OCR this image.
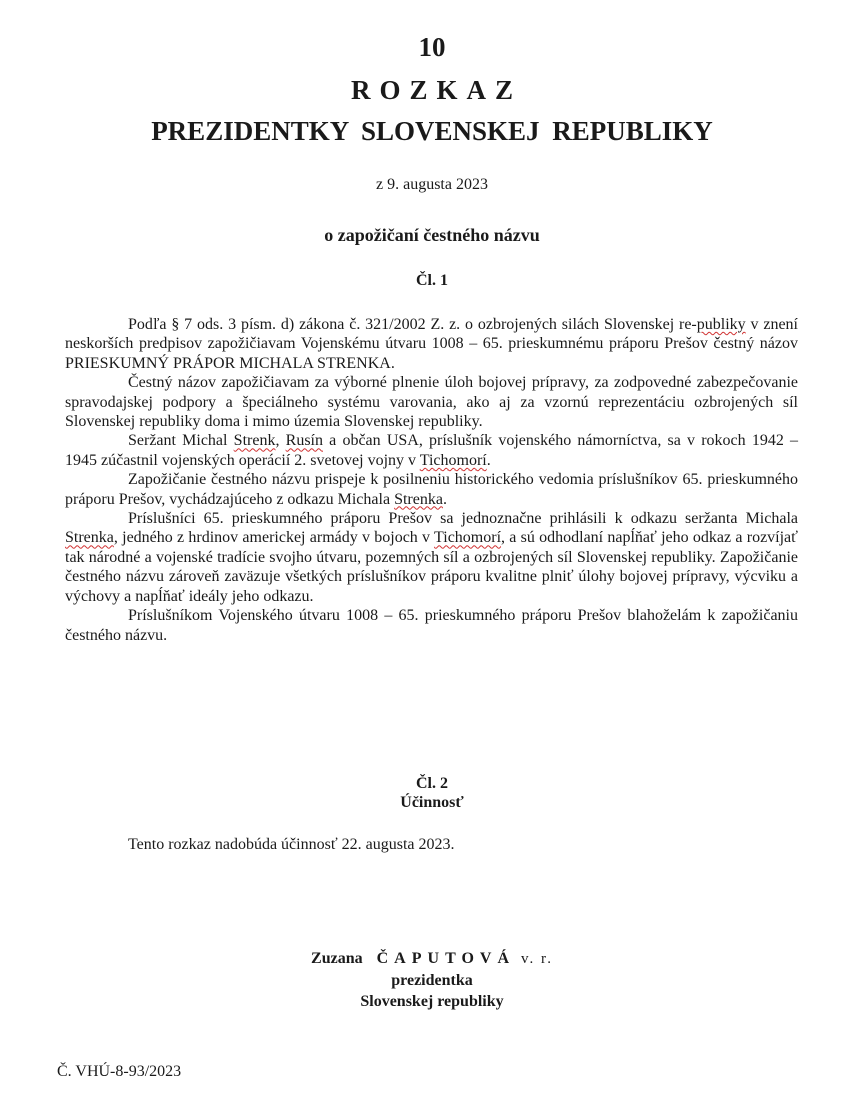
10
ROZKAZ
PREZIDENTKY SLOVENSKEJ REPUBLIKY
z 9. augusta 2023
o zapožičaní čestného názvu
Čl. 1

Podľa § 7 ods. 3 písm. d) zákona č. 321/2002 Z. z. o ozbrojených silách Slovenskej re-publiky v znení neskorších predpisov zapožičiavam Vojenskému útvaru 1008 – 65. prieskumnému práporu Prešov čestný názov PRIESKUMNÝ PRÁPOR MICHALA STRENKA.

Čestný názov zapožičiavam za výborné plnenie úloh bojovej prípravy, za zodpovedné zabezpečovanie spravodajskej podpory a špeciálneho systému varovania, ako aj za vzornú reprezentáciu ozbrojených síl Slovenskej republiky doma i mimo územia Slovenskej republiky.

Seržant Michal Strenk, Rusín a občan USA, príslušník vojenského námorníctva, sa v rokoch 1942 – 1945 zúčastnil vojenských operácií 2. svetovej vojny v Tichomorí.

Zapožičanie čestného názvu prispeje k posilneniu historického vedomia príslušníkov 65. prieskumného práporu Prešov, vychádzajúceho z odkazu Michala Strenka.

Príslušníci 65. prieskumného práporu Prešov sa jednoznačne prihlásili k odkazu seržanta Michala Strenka, jedného z hrdinov americkej armády v bojoch v Tichomorí, a sú odhodlaní napĺňať jeho odkaz a rozvíjať tak národné a vojenské tradície svojho útvaru, pozemných síl a ozbrojených síl Slovenskej republiky. Zapožičanie čestného názvu zároveň zaväzuje všetkých príslušníkov práporu kvalitne plniť úlohy bojovej prípravy, výcviku a výchovy a napĺňať ideály jeho odkazu.

Príslušníkom Vojenského útvaru 1008 – 65. prieskumného práporu Prešov blahoželám k zapožičaniu čestného názvu.

Čl. 2
Účinnosť
Tento rozkaz nadobúda účinnosť 22. augusta 2023.
Zuzana ČAPUTOVÁ v. r.
prezidentka
Slovenskej republiky
Č. VHÚ-8-93/2023
